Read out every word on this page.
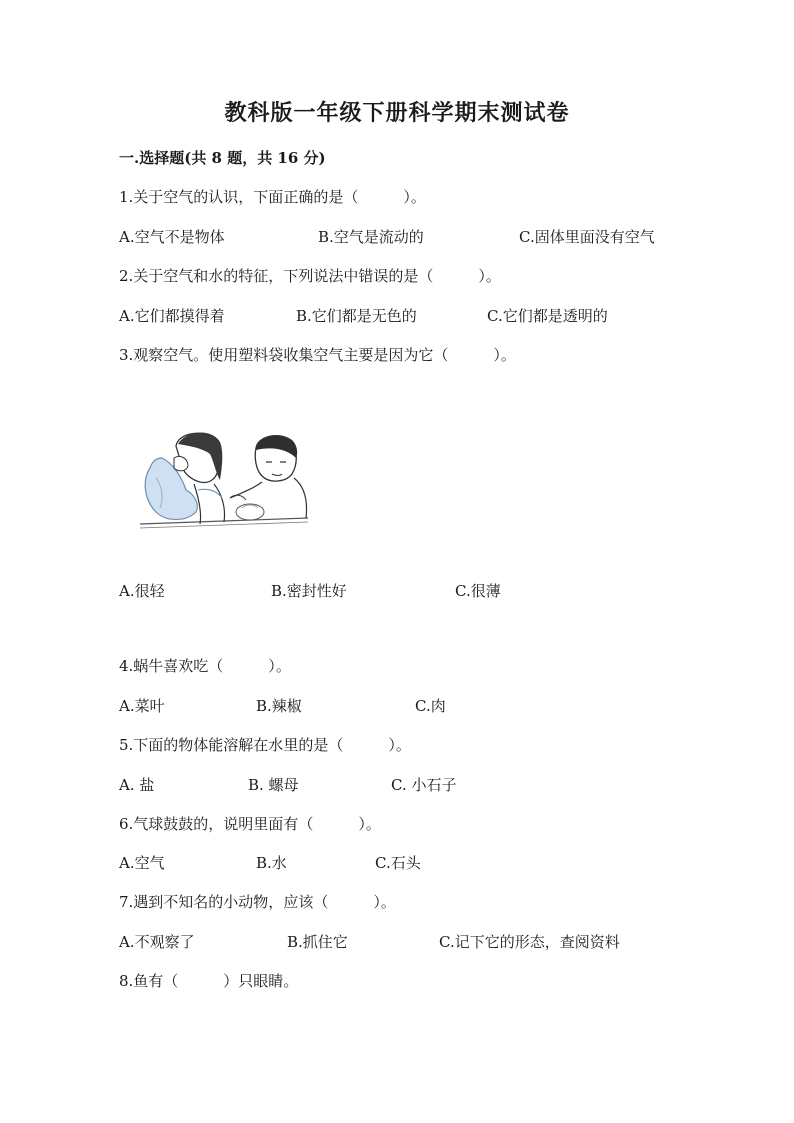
教科版一年级下册科学期末测试卷
一.选择题(共 8 题，共 16 分)
1.关于空气的认识，下面正确的是（　　　）。
A.空气不是物体	B.空气是流动的	C.固体里面没有空气
2.关于空气和水的特征，下列说法中错误的是（　　　）。
A.它们都摸得着	B.它们都是无色的	C.它们都是透明的
3.观察空气。使用塑料袋收集空气主要是因为它（　　　）。
A.很轻	B.密封性好	C.很薄
4.蜗牛喜欢吃（　　　）。
A.菜叶	B.辣椒	C.肉
5.下面的物体能溶解在水里的是（　　　）。
A. 盐	B. 螺母	C. 小石子
6.气球鼓鼓的，说明里面有（　　　）。
A.空气	B.水	C.石头
7.遇到不知名的小动物，应该（　　　）。
A.不观察了	B.抓住它	C.记下它的形态，查阅资料
8.鱼有（　　　）只眼睛。
